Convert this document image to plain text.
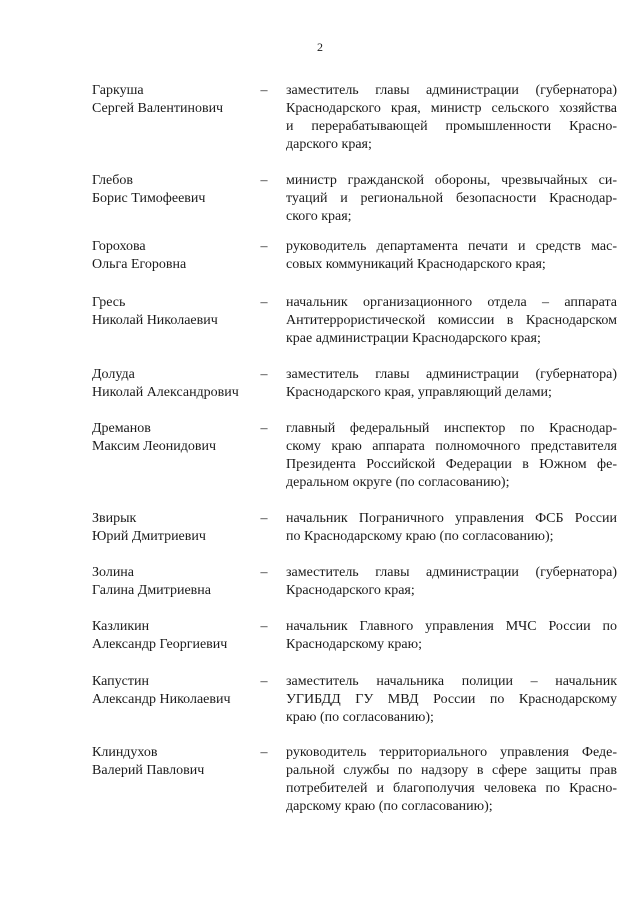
2
Гаркуша
Сергей Валентинович
– заместитель главы администрации (губернатора)
Краснодарского края, министр сельского хозяйства
и перерабатывающей промышленности Красно-
дарского края;
Глебов
Борис Тимофеевич
– министр гражданской обороны, чрезвычайных си-
туаций и региональной безопасности Краснодар-
ского края;
Горохова
Ольга Егоровна
– руководитель департамента печати и средств мас-
совых коммуникаций Краснодарского края;
Гресь
Николай Николаевич
– начальник организационного отдела – аппарата
Антитеррористической комиссии в Краснодарском
крае администрации Краснодарского края;
Долуда
Николай Александрович
– заместитель главы администрации (губернатора)
Краснодарского края, управляющий делами;
Дреманов
Максим Леонидович
– главный федеральный инспектор по Краснодар-
скому краю аппарата полномочного представителя
Президента Российской Федерации в Южном фе-
деральном округе (по согласованию);
Звирык
Юрий Дмитриевич
– начальник Пограничного управления ФСБ России
по Краснодарскому краю (по согласованию);
Золина
Галина Дмитриевна
– заместитель главы администрации (губернатора)
Краснодарского края;
Казликин
Александр Георгиевич
– начальник Главного управления МЧС России по
Краснодарскому краю;
Капустин
Александр Николаевич
– заместитель начальника полиции – начальник
УГИБДД ГУ МВД России по Краснодарскому
краю (по согласованию);
Клиндухов
Валерий Павлович
– руководитель территориального управления Феде-
ральной службы по надзору в сфере защиты прав
потребителей и благополучия человека по Красно-
дарскому краю (по согласованию);
